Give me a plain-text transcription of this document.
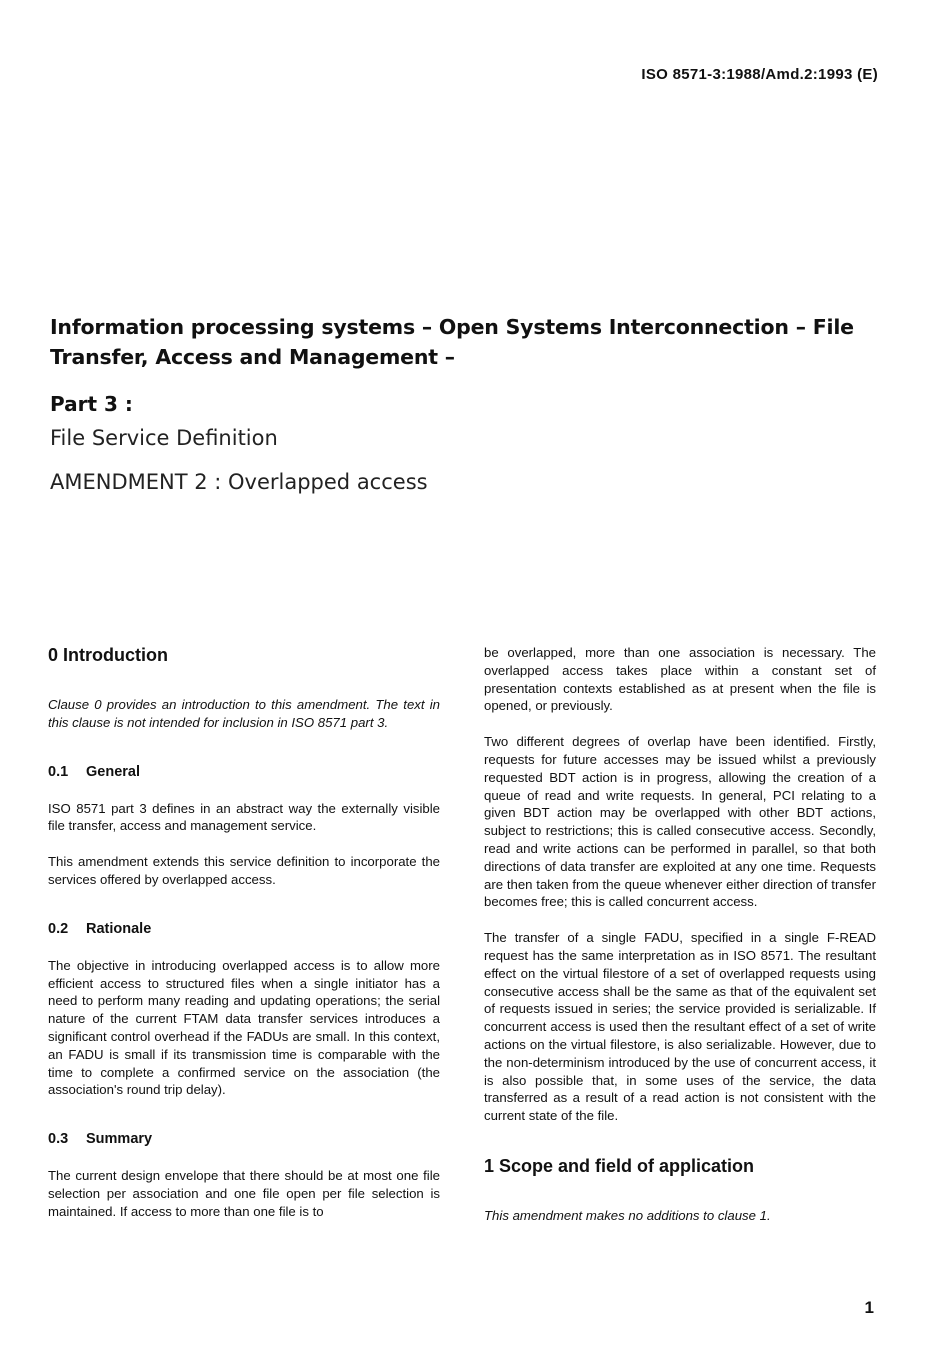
ISO 8571-3:1988/Amd.2:1993 (E)
Information processing systems – Open Systems Interconnection – File
Transfer, Access and Management –
Part 3 :
File Service Definition
AMENDMENT 2 : Overlapped access
0 Introduction

Clause 0 provides an introduction to this amendment. The text in this clause is not intended for inclusion in ISO 8571 part 3.

0.1 General

ISO 8571 part 3 defines in an abstract way the externally visible file transfer, access and management service.

This amendment extends this service definition to incorporate the services offered by overlapped access.

0.2 Rationale

The objective in introducing overlapped access is to allow more efficient access to structured files when a single initiator has a need to perform many reading and updating operations; the serial nature of the current FTAM data transfer services introduces a significant control overhead if the FADUs are small. In this context, an FADU is small if its transmission time is comparable with the time to complete a confirmed service on the association (the association's round trip delay).

0.3 Summary

The current design envelope that there should be at most one file selection per association and one file open per file selection is maintained. If access to more than one file is to

be overlapped, more than one association is necessary. The overlapped access takes place within a constant set of presentation contexts established as at present when the file is opened, or previously.

Two different degrees of overlap have been identified. Firstly, requests for future accesses may be issued whilst a previously requested BDT action is in progress, allowing the creation of a queue of read and write requests. In general, PCI relating to a given BDT action may be overlapped with other BDT actions, subject to restrictions; this is called consecutive access. Secondly, read and write actions can be performed in parallel, so that both directions of data transfer are exploited at any one time. Requests are then taken from the queue whenever either direction of transfer becomes free; this is called concurrent access.

The transfer of a single FADU, specified in a single F-READ request has the same interpretation as in ISO 8571. The resultant effect on the virtual filestore of a set of overlapped requests using consecutive access shall be the same as that of the equivalent set of requests issued in series; the service provided is serializable. If concurrent access is used then the resultant effect of a set of write actions on the virtual filestore, is also serializable. However, due to the non-determinism introduced by the use of concurrent access, it is also possible that, in some uses of the service, the data transferred as a result of a read action is not consistent with the current state of the file.

1 Scope and field of application

This amendment makes no additions to clause 1.

1
